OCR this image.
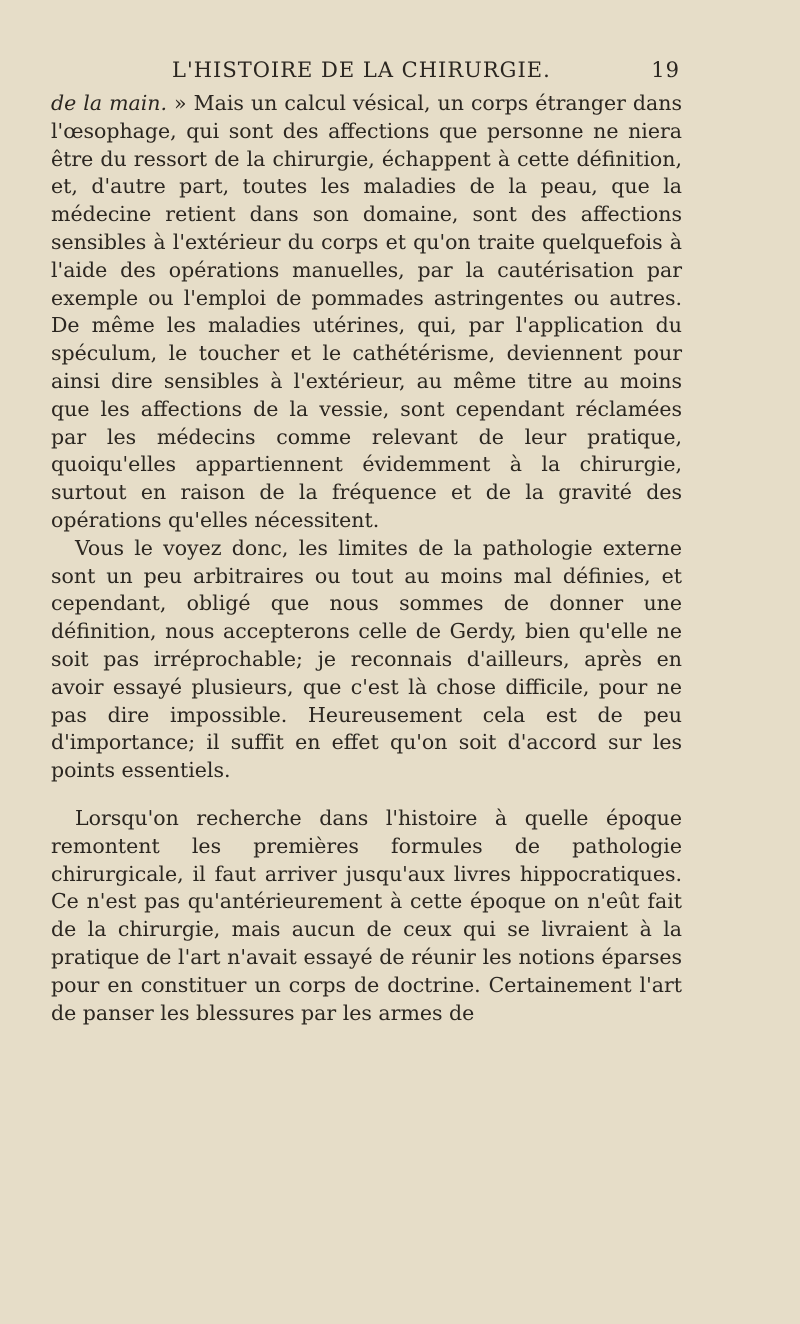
L'HISTOIRE DE LA CHIRURGIE.	19

de la main. » Mais un calcul vésical, un corps étranger dans l'œsophage, qui sont des affections que personne ne niera être du ressort de la chirurgie, échappent à cette définition, et, d'autre part, toutes les maladies de la peau, que la médecine retient dans son domaine, sont des affections sensibles à l'extérieur du corps et qu'on traite quelquefois à l'aide des opérations manuelles, par la cautérisation par exemple ou l'emploi de pommades astringentes ou autres. De même les maladies utérines, qui, par l'application du spéculum, le toucher et le cathétérisme, deviennent pour ainsi dire sensibles à l'extérieur, au même titre au moins que les affections de la vessie, sont cependant réclamées par les médecins comme relevant de leur pratique, quoiqu'elles appartiennent évidemment à la chirurgie, surtout en raison de la fréquence et de la gravité des opérations qu'elles nécessitent.

Vous le voyez donc, les limites de la pathologie externe sont un peu arbitraires ou tout au moins mal définies, et cependant, obligé que nous sommes de donner une définition, nous accepterons celle de Gerdy, bien qu'elle ne soit pas irréprochable; je reconnais d'ailleurs, après en avoir essayé plusieurs, que c'est là chose difficile, pour ne pas dire impossible. Heureusement cela est de peu d'importance; il suffit en effet qu'on soit d'accord sur les points essentiels.

Lorsqu'on recherche dans l'histoire à quelle époque remontent les premières formules de pathologie chirurgicale, il faut arriver jusqu'aux livres hippocratiques. Ce n'est pas qu'antérieurement à cette époque on n'eût fait de la chirurgie, mais aucun de ceux qui se livraient à la pratique de l'art n'avait essayé de réunir les notions éparses pour en constituer un corps de doctrine. Certainement l'art de panser les blessures par les armes de
